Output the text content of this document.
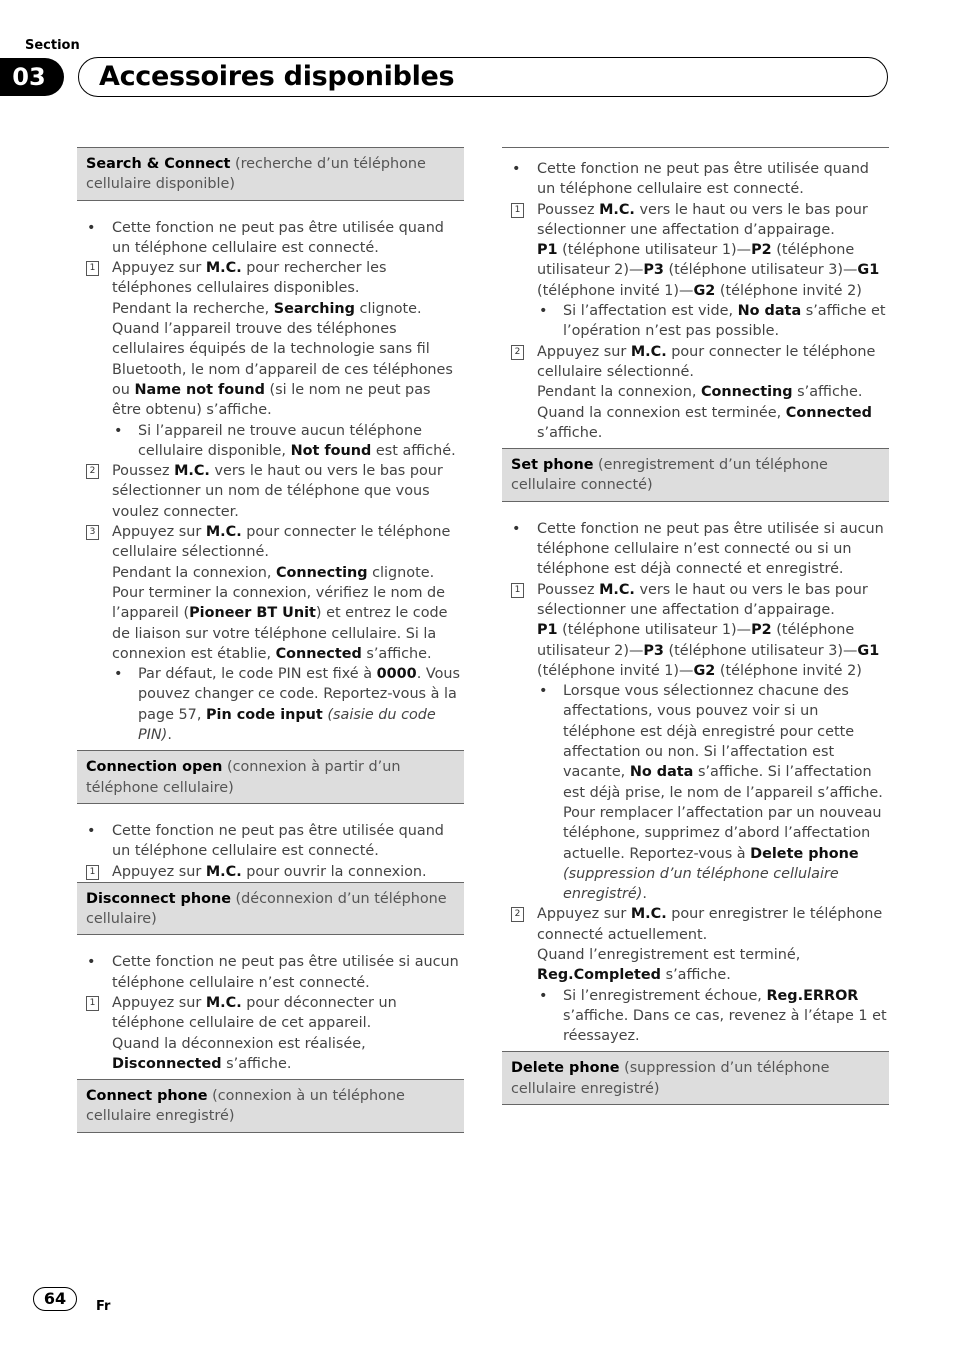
Section
03	Accessoires disponibles
Search & Connect (recherche d’un téléphone cellulaire disponible)
• Cette fonction ne peut pas être utilisée quand un téléphone cellulaire est connecté.
1 Appuyez sur M.C. pour rechercher les téléphones cellulaires disponibles.
Pendant la recherche, Searching clignote. Quand l’appareil trouve des téléphones cellulaires équipés de la technologie sans fil Bluetooth, le nom d’appareil de ces téléphones ou Name not found (si le nom ne peut pas être obtenu) s’affiche.
• Si l’appareil ne trouve aucun téléphone cellulaire disponible, Not found est affiché.
2 Poussez M.C. vers le haut ou vers le bas pour sélectionner un nom de téléphone que vous voulez connecter.
3 Appuyez sur M.C. pour connecter le téléphone cellulaire sélectionné.
Pendant la connexion, Connecting clignote. Pour terminer la connexion, vérifiez le nom de l’appareil (Pioneer BT Unit) et entrez le code de liaison sur votre téléphone cellulaire. Si la connexion est établie, Connected s’affiche.
• Par défaut, le code PIN est fixé à 0000. Vous pouvez changer ce code. Reportez-vous à la page 57, Pin code input (saisie du code PIN).
Connection open (connexion à partir d’un téléphone cellulaire)
• Cette fonction ne peut pas être utilisée quand un téléphone cellulaire est connecté.
1 Appuyez sur M.C. pour ouvrir la connexion.
Disconnect phone (déconnexion d’un téléphone cellulaire)
• Cette fonction ne peut pas être utilisée si aucun téléphone cellulaire n’est connecté.
1 Appuyez sur M.C. pour déconnecter un téléphone cellulaire de cet appareil.
Quand la déconnexion est réalisée, Disconnected s’affiche.
Connect phone (connexion à un téléphone cellulaire enregistré)
• Cette fonction ne peut pas être utilisée quand un téléphone cellulaire est connecté.
1 Poussez M.C. vers le haut ou vers le bas pour sélectionner une affectation d’appairage.
P1 (téléphone utilisateur 1)—P2 (téléphone utilisateur 2)—P3 (téléphone utilisateur 3)—G1 (téléphone invité 1)—G2 (téléphone invité 2)
• Si l’affectation est vide, No data s’affiche et l’opération n’est pas possible.
2 Appuyez sur M.C. pour connecter le téléphone cellulaire sélectionné.
Pendant la connexion, Connecting s’affiche. Quand la connexion est terminée, Connected s’affiche.
Set phone (enregistrement d’un téléphone cellulaire connecté)
• Cette fonction ne peut pas être utilisée si aucun téléphone cellulaire n’est connecté ou si un téléphone est déjà connecté et enregistré.
1 Poussez M.C. vers le haut ou vers le bas pour sélectionner une affectation d’appairage.
P1 (téléphone utilisateur 1)—P2 (téléphone utilisateur 2)—P3 (téléphone utilisateur 3)—G1 (téléphone invité 1)—G2 (téléphone invité 2)
• Lorsque vous sélectionnez chacune des affectations, vous pouvez voir si un téléphone est déjà enregistré pour cette affectation ou non. Si l’affectation est vacante, No data s’affiche. Si l’affectation est déjà prise, le nom de l’appareil s’affiche. Pour remplacer l’affectation par un nouveau téléphone, supprimez d’abord l’affectation actuelle. Reportez-vous à Delete phone (suppression d’un téléphone cellulaire enregistré).
2 Appuyez sur M.C. pour enregistrer le téléphone connecté actuellement.
Quand l’enregistrement est terminé, Reg.Completed s’affiche.
• Si l’enregistrement échoue, Reg.ERROR s’affiche. Dans ce cas, revenez à l’étape 1 et réessayez.
Delete phone (suppression d’un téléphone cellulaire enregistré)
64	Fr
